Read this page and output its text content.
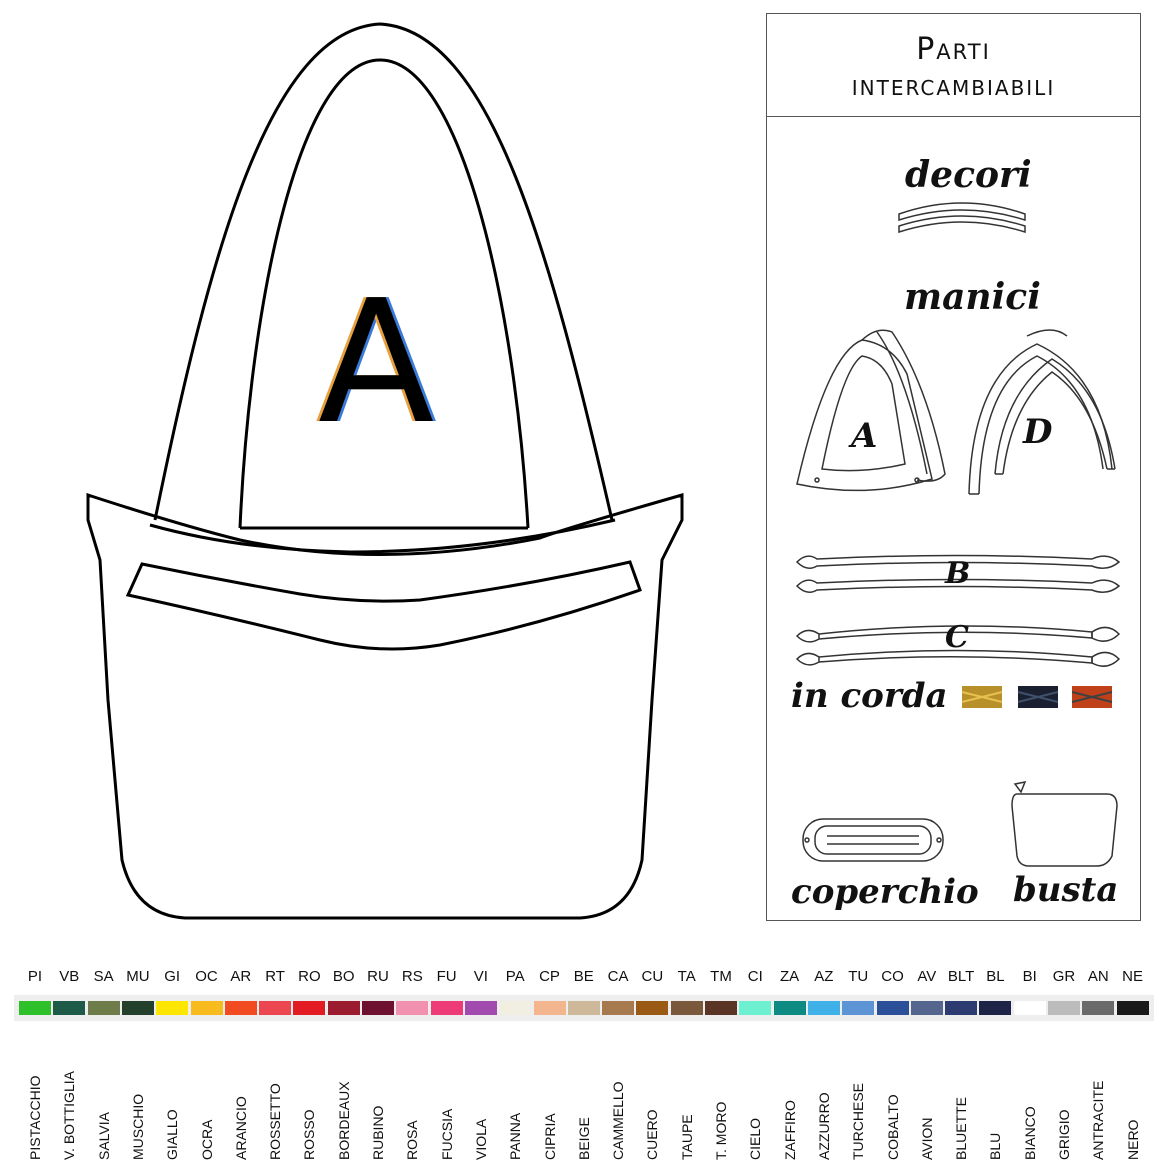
A
Parti
intercambiabili
decori
manici
A	D
B
C
in corda
coperchio busta
PI	VB SA MU GI	OC AR RT RO BO RU RS FU	VI	PA CP BE CA CU TA TM	CI	ZA	AZ TU CO AV BLT BL	BI	GR AN NE
PISTACCHIO V. BOTTIGLIA SALVIA MUSCHIO GIALLO OCRA ARANCIO ROSSETTO ROSSO BORDEAUX RUBINO ROSA FUCSIA VIOLA PANNA CIPRIA BEIGE CAMMELLO CUERO TAUPE T. MORO CIELO ZAFFIRO AZZURRO TURCHESE COBALTO AVION BLUETTE BLU BIANCO GRIGIO ANTRACITE NERO
